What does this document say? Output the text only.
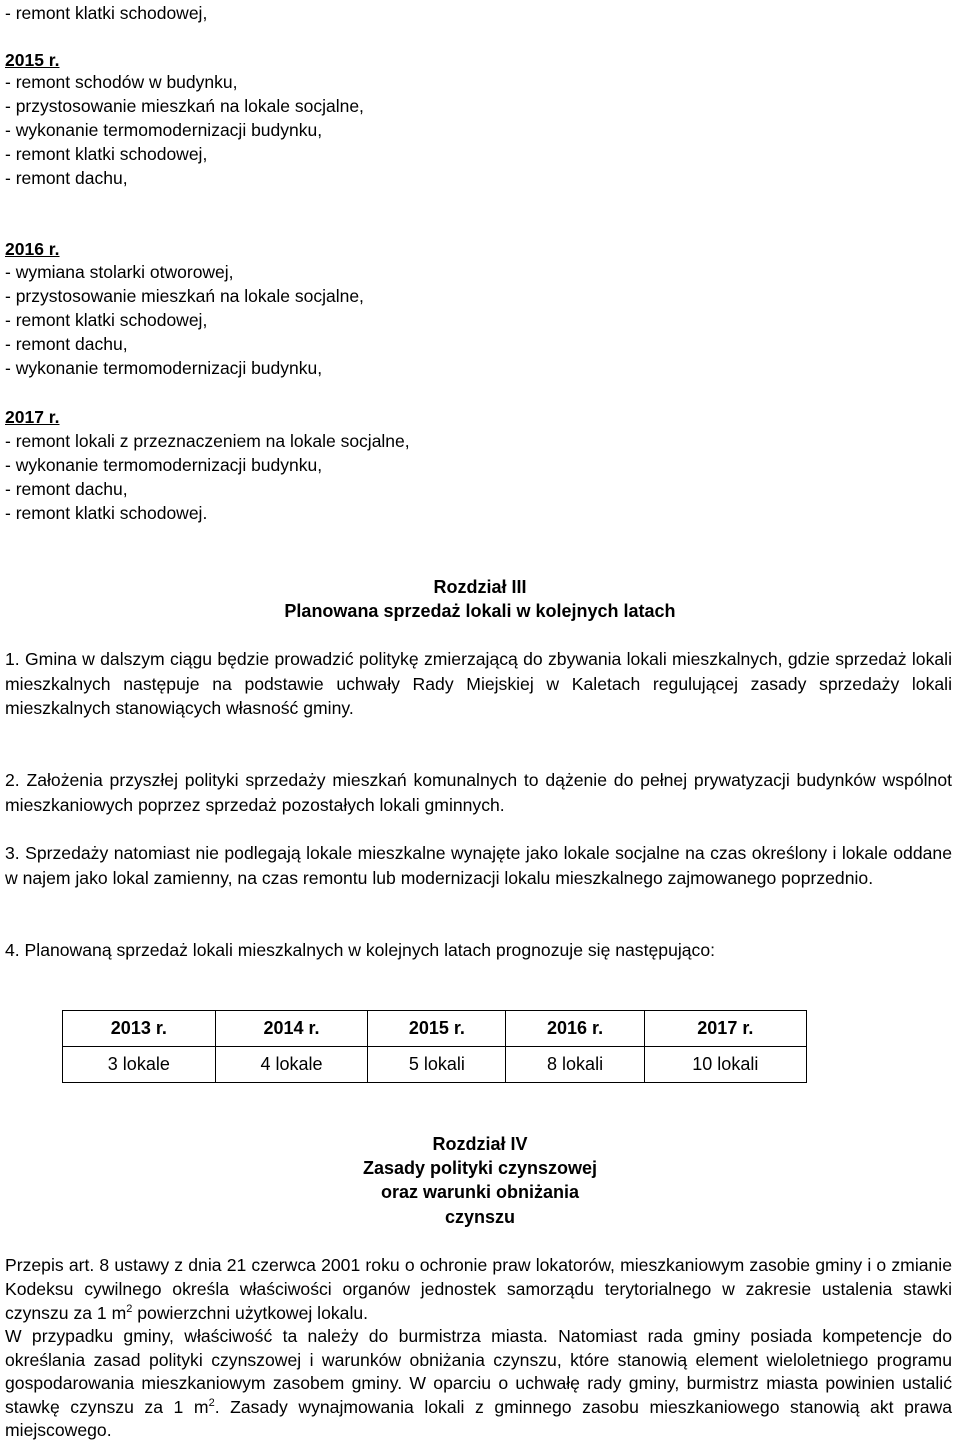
- remont klatki schodowej,
2015 r.
- remont schodów w budynku,
- przystosowanie mieszkań na lokale socjalne,
- wykonanie termomodernizacji budynku,
- remont klatki schodowej,
- remont dachu,
2016 r.
- wymiana stolarki otworowej,
- przystosowanie mieszkań na lokale socjalne,
- remont klatki schodowej,
- remont dachu,
- wykonanie termomodernizacji budynku,
2017 r.
- remont lokali z przeznaczeniem na lokale socjalne,
- wykonanie termomodernizacji budynku,
- remont dachu,
- remont klatki schodowej.
Rozdział III
Planowana sprzedaż lokali w kolejnych latach
1. Gmina w dalszym ciągu będzie prowadzić politykę zmierzającą do zbywania lokali mieszkalnych, gdzie sprzedaż lokali mieszkalnych następuje na podstawie uchwały Rady Miejskiej w Kaletach regulującej zasady sprzedaży lokali mieszkalnych stanowiących własność gminy.
2. Założenia przyszłej polityki sprzedaży mieszkań komunalnych to dążenie do pełnej prywatyzacji budynków wspólnot mieszkaniowych poprzez sprzedaż pozostałych lokali gminnych.
3. Sprzedaży natomiast nie podlegają lokale mieszkalne wynajęte jako lokale socjalne na czas określony i lokale oddane w najem jako lokal zamienny, na czas remontu lub modernizacji lokalu mieszkalnego zajmowanego poprzednio.
4. Planowaną sprzedaż lokali mieszkalnych w kolejnych latach prognozuje się następująco:
2013 r.	2014 r.	2015 r.	2016 r.	2017 r.
3 lokale	4 lokale	5 lokali	8 lokali	10 lokali
Rozdział IV
Zasady polityki czynszowej
oraz warunki obniżania
czynszu
Przepis art. 8 ustawy z dnia 21 czerwca 2001 roku o ochronie praw lokatorów, mieszkaniowym zasobie gminy i o zmianie Kodeksu cywilnego określa właściwości organów jednostek samorządu terytorialnego w zakresie ustalenia stawki czynszu za 1 $m^2$ powierzchni użytkowej lokalu.
W przypadku gminy, właściwość ta należy do burmistrza miasta. Natomiast rada gminy posiada kompetencje do określania zasad polityki czynszowej i warunków obniżania czynszu, które stanowią element wieloletniego programu gospodarowania mieszkaniowym zasobem gminy. W oparciu o uchwałę rady gminy, burmistrz miasta powinien ustalić stawkę czynszu za 1 $m^2$. Zasady wynajmowania lokali z gminnego zasobu mieszkaniowego stanowią akt prawa miejscowego.
